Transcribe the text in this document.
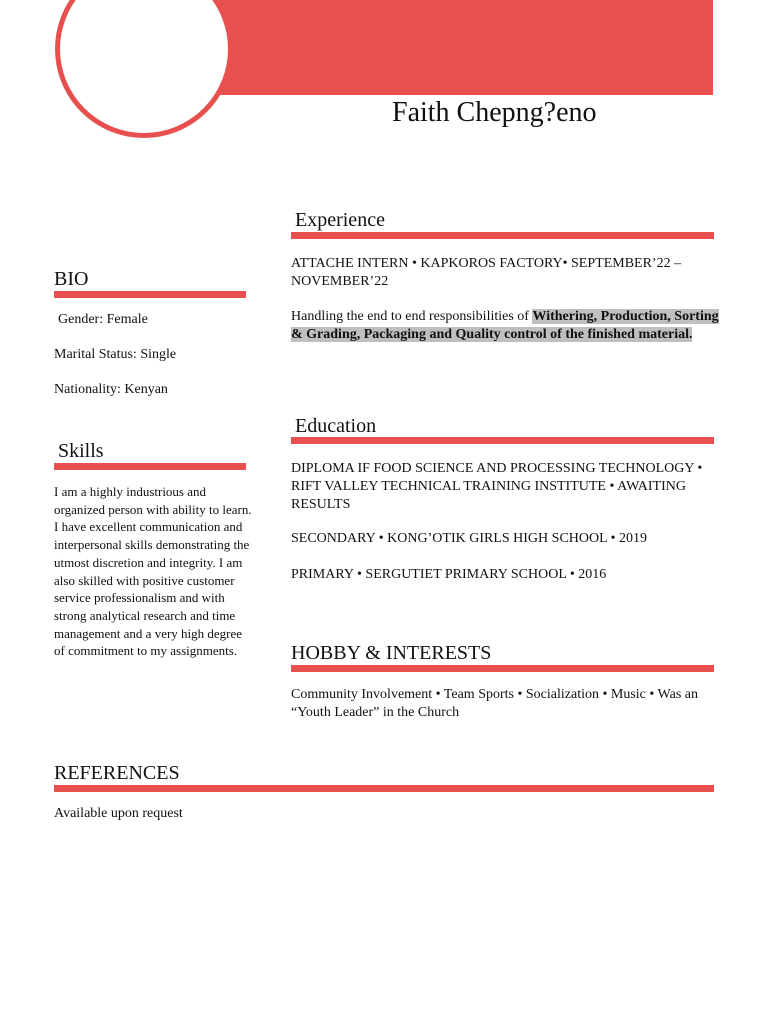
Faith Chepng?eno
BIO
Gender: Female
Marital Status: Single
Nationality: Kenyan
Skills
I am a highly industrious and organized person with ability to learn. I have excellent communication and interpersonal skills demonstrating the utmost discretion and integrity. I am also skilled with positive customer service professionalism and with strong analytical research and time management and a very high degree of commitment to my assignments.
Experience
ATTACHE INTERN • KAPKOROS FACTORY• SEPTEMBER’22 – NOVEMBER’22
Handling the end to end responsibilities of Withering, Production, Sorting & Grading, Packaging and Quality control of the finished material.
Education
DIPLOMA IF FOOD SCIENCE AND PROCESSING TECHNOLOGY • RIFT VALLEY TECHNICAL TRAINING INSTITUTE • AWAITING RESULTS
SECONDARY • KONG’OTIK GIRLS HIGH SCHOOL • 2019
PRIMARY • SERGUTIET PRIMARY SCHOOL • 2016
HOBBY & INTERESTS
Community Involvement • Team Sports • Socialization • Music • Was an “Youth Leader” in the Church
REFERENCES
Available upon request
